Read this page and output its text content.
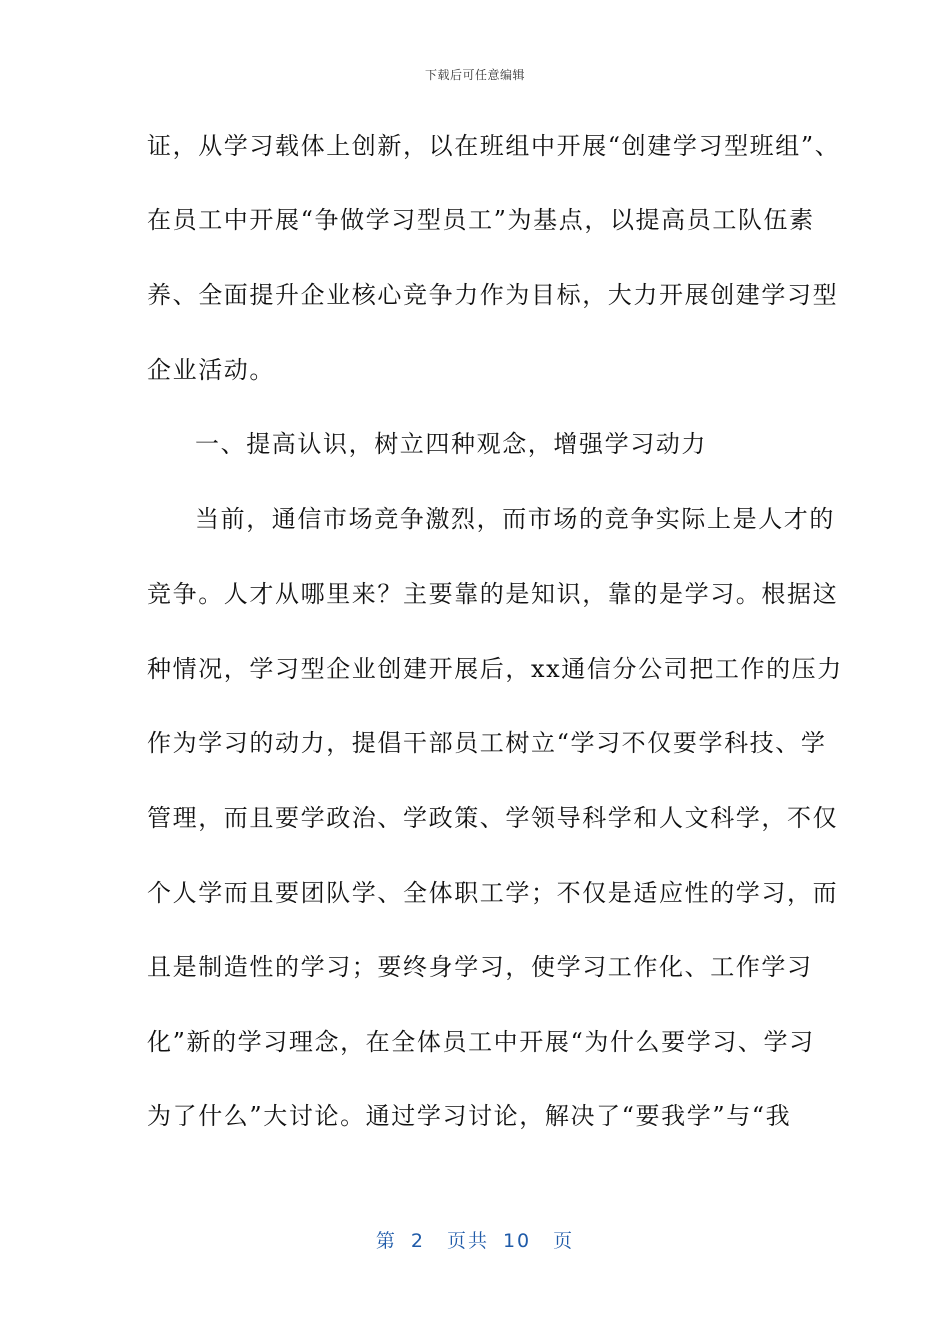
下载后可任意编辑
证，从学习载体上创新，以在班组中开展“创建学习型班组”、
在员工中开展“争做学习型员工”为基点，以提高员工队伍素
养、全面提升企业核心竞争力作为目标，大力开展创建学习型
企业活动。
一、提高认识，树立四种观念，增强学习动力
当前，通信市场竞争激烈，而市场的竞争实际上是人才的
竞争。人才从哪里来？主要靠的是知识，靠的是学习。根据这
种情况，学习型企业创建开展后，xx通信分公司把工作的压力
作为学习的动力，提倡干部员工树立“学习不仅要学科技、学
管理，而且要学政治、学政策、学领导科学和人文科学，不仅
个人学而且要团队学、全体职工学；不仅是适应性的学习，而
且是制造性的学习；要终身学习，使学习工作化、工作学习
化”新的学习理念，在全体员工中开展“为什么要学习、学习
为了什么”大讨论。通过学习讨论，解决了“要我学”与“我
第 2 页共 10 页
